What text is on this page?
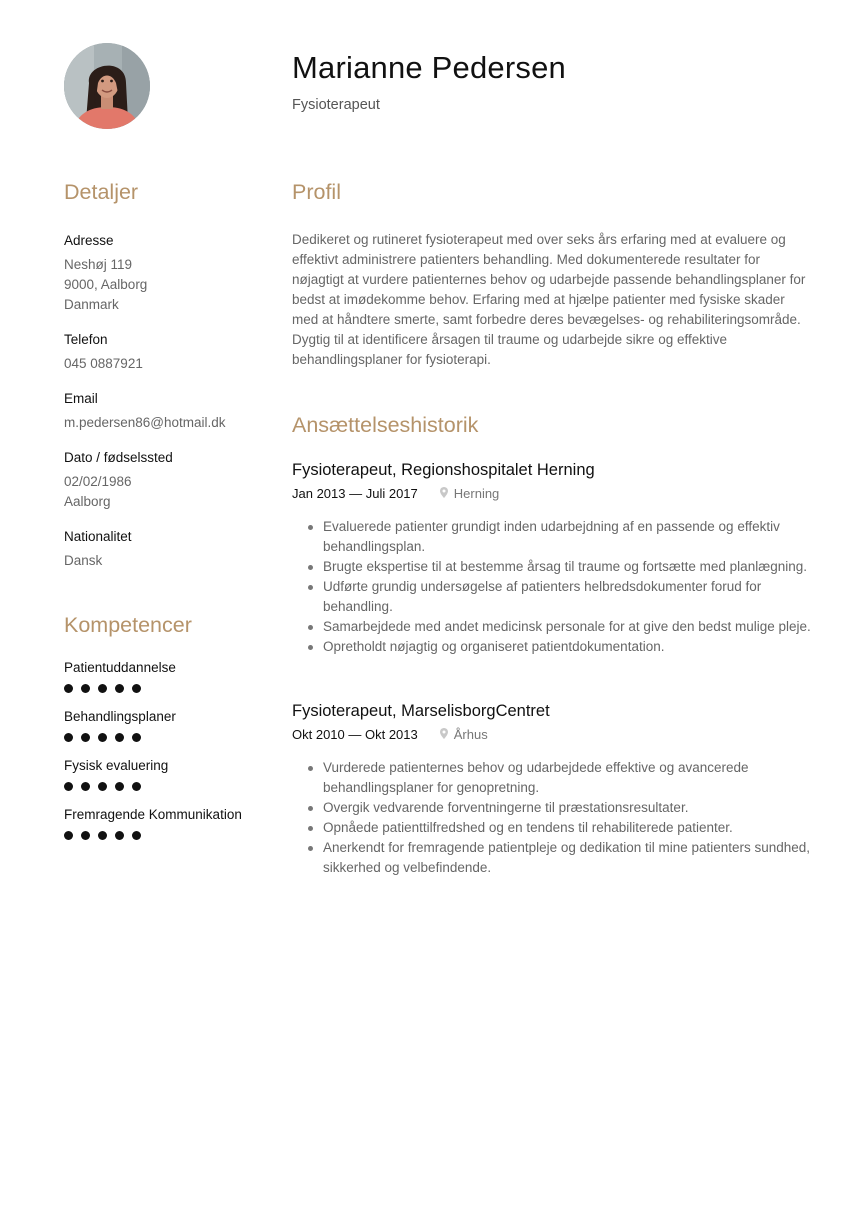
Marianne Pedersen
Fysioterapeut
Detaljer
Adresse
Neshøj 119
9000, Aalborg
Danmark
Telefon
045 0887921
Email
m.pedersen86@hotmail.dk
Dato / fødselssted
02/02/1986
Aalborg
Nationalitet
Dansk
Kompetencer
Patientuddannelse
Behandlingsplaner
Fysisk evaluering
Fremragende Kommunikation
Profil

Dedikeret og rutineret fysioterapeut med over seks års erfaring med at evaluere og effektivt administrere patienters behandling. Med dokumenterede resultater for nøjagtigt at vurdere patienternes behov og udarbejde passende behandlingsplaner for bedst at imødekomme behov. Erfaring med at hjælpe patienter med fysiske skader med at håndtere smerte, samt forbedre deres bevægelses- og rehabiliteringsområde. Dygtig til at identificere årsagen til traume og udarbejde sikre og effektive behandlingsplaner for fysioterapi.

Ansættelseshistorik
Fysioterapeut, Regionshospitalet Herning
Jan 2013 — Juli 2017	Herning
Evaluerede patienter grundigt inden udarbejdning af en passende og effektiv behandlingsplan.
Brugte ekspertise til at bestemme årsag til traume og fortsætte med planlægning.
Udførte grundig undersøgelse af patienters helbredsdokumenter forud for behandling.
Samarbejdede med andet medicinsk personale for at give den bedst mulige pleje.
Opretholdt nøjagtig og organiseret patientdokumentation.
Fysioterapeut, MarselisborgCentret
Okt 2010 — Okt 2013	Århus
Vurderede patienternes behov og udarbejdede effektive og avancerede behandlingsplaner for genopretning.
Overgik vedvarende forventningerne til præstationsresultater.
Opnåede patienttilfredshed og en tendens til rehabiliterede patienter.
Anerkendt for fremragende patientpleje og dedikation til mine patienters sundhed, sikkerhed og velbefindende.
